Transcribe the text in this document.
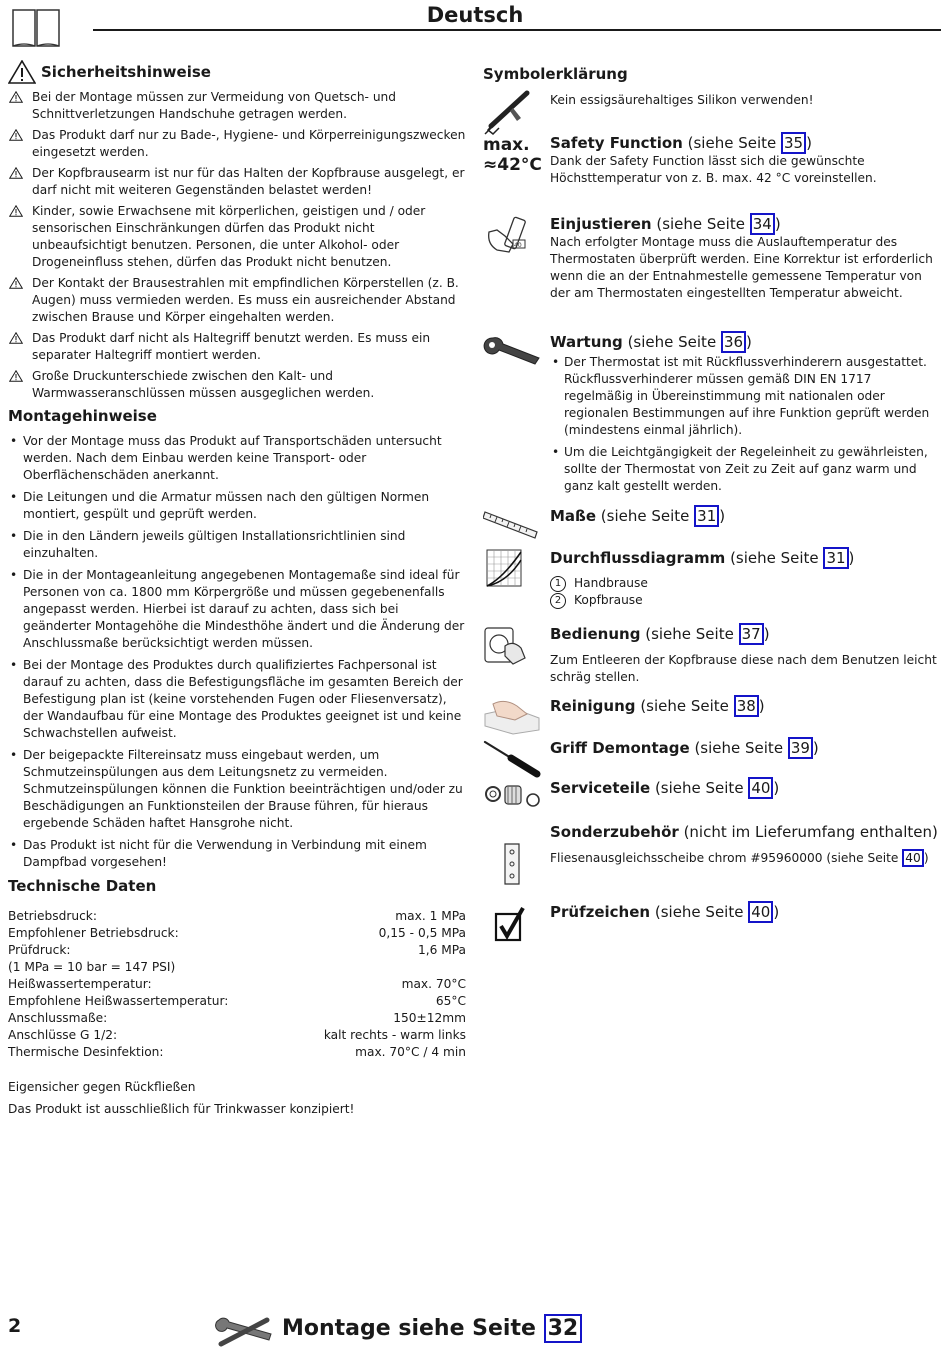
Deutsch
Sicherheitshinweise
Bei der Montage müssen zur Vermeidung von Quetsch- und Schnittverletzungen Handschuhe getragen werden.
Das Produkt darf nur zu Bade-, Hygiene- und Körperreinigungszwecken eingesetzt werden.
Der Kopfbrausearm ist nur für das Halten der Kopfbrause ausgelegt, er darf nicht mit weiteren Gegenständen belastet werden!
Kinder, sowie Erwachsene mit körperlichen, geistigen und / oder sensorischen Einschränkungen dürfen das Produkt nicht unbeaufsichtigt benutzen. Personen, die unter Alkohol- oder Drogeneinfluss stehen, dürfen das Produkt nicht benutzen.
Der Kontakt der Brausestrahlen mit empfindlichen Körperstellen (z. B. Augen) muss vermieden werden. Es muss ein ausreichender Abstand zwischen Brause und Körper eingehalten werden.
Das Produkt darf nicht als Haltegriff benutzt werden. Es muss ein separater Haltegriff montiert werden.
Große Druckunterschiede zwischen den Kalt- und Warmwasseranschlüssen müssen ausgeglichen werden.
Montagehinweise
• Vor der Montage muss das Produkt auf Transportschäden untersucht werden. Nach dem Einbau werden keine Transport- oder Oberflächenschäden anerkannt.
• Die Leitungen und die Armatur müssen nach den gültigen Normen montiert, gespült und geprüft werden.
• Die in den Ländern jeweils gültigen Installationsrichtlinien sind einzuhalten.
• Die in der Montageanleitung angegebenen Montagemaße sind ideal für Personen von ca. 1800 mm Körpergröße und müssen gegebenenfalls angepasst werden. Hierbei ist darauf zu achten, dass sich bei geänderter Montagehöhe die Mindesthöhe ändert und die Änderung der Anschlussmaße berücksichtigt werden müssen.
• Bei der Montage des Produktes durch qualifiziertes Fachpersonal ist darauf zu achten, dass die Befestigungsfläche im gesamten Bereich der Befestigung plan ist (keine vorstehenden Fugen oder Fliesenversatz), der Wandaufbau für eine Montage des Produktes geeignet ist und keine Schwachstellen aufweist.
• Der beigepackte Filtereinsatz muss eingebaut werden, um Schmutzeinspülungen aus dem Leitungsnetz zu vermeiden. Schmutzeinspülungen können die Funktion beeinträchtigen und/oder zu Beschädigungen an Funktionsteilen der Brause führen, für hieraus ergebende Schäden haftet Hansgrohe nicht.
• Das Produkt ist nicht für die Verwendung in Verbindung mit einem Dampfbad vorgesehen!
Technische Daten
Betriebsdruck:	max. 1 MPa
Empfohlener Betriebsdruck:	0,15 - 0,5 MPa
Prüfdruck:	1,6 MPa
(1 MPa = 10 bar = 147 PSI)
Heißwassertemperatur:	max. 70°C
Empfohlene Heißwassertemperatur:	65°C
Anschlussmaße:	150±12mm
Anschlüsse G 1/2:	kalt rechts - warm links
Thermische Desinfektion:	max. 70°C / 4 min
Eigensicher gegen Rückfließen
Das Produkt ist ausschließlich für Trinkwasser konzipiert!
Symbolerklärung
Kein essigsäurehaltiges Silikon verwenden!
max.
≈42°C
Safety Function (siehe Seite 35 )
Dank der Safety Function lässt sich die gewünschte Höchsttemperatur von z. B. max. 42 °C voreinstellen.
40
Einjustieren (siehe Seite 34 )
Nach erfolgter Montage muss die Auslauftemperatur des Thermostaten überprüft werden. Eine Korrektur ist erforderlich wenn die an der Entnahmestelle gemessene Temperatur von der am Thermostaten eingestellten Temperatur abweicht.
Wartung (siehe Seite 36 )
• Der Thermostat ist mit Rückflussverhinderern ausgestattet. Rückflussverhinderer müssen gemäß DIN EN 1717 regelmäßig in Übereinstimmung mit nationalen oder regionalen Bestimmungen auf ihre Funktion geprüft werden (mindestens einmal jährlich).
• Um die Leichtgängigkeit der Regeleinheit zu gewährleisten, sollte der Thermostat von Zeit zu Zeit auf ganz warm und ganz kalt gestellt werden.
Maße (siehe Seite 31 )
Durchflussdiagramm (siehe Seite 31 )
1 Handbrause
2 Kopfbrause
Bedienung (siehe Seite 37 )
Zum Entleeren der Kopfbrause diese nach dem Benutzen leicht schräg stellen.
Reinigung (siehe Seite 38 )
Griff Demontage (siehe Seite 39 )
Serviceteile (siehe Seite 40 )
Sonderzubehör (nicht im Lieferumfang enthalten)
Fliesenausgleichsscheibe chrom #95960000 (siehe Seite 40 )
Prüfzeichen (siehe Seite 40 )
2	Montage siehe Seite 32
